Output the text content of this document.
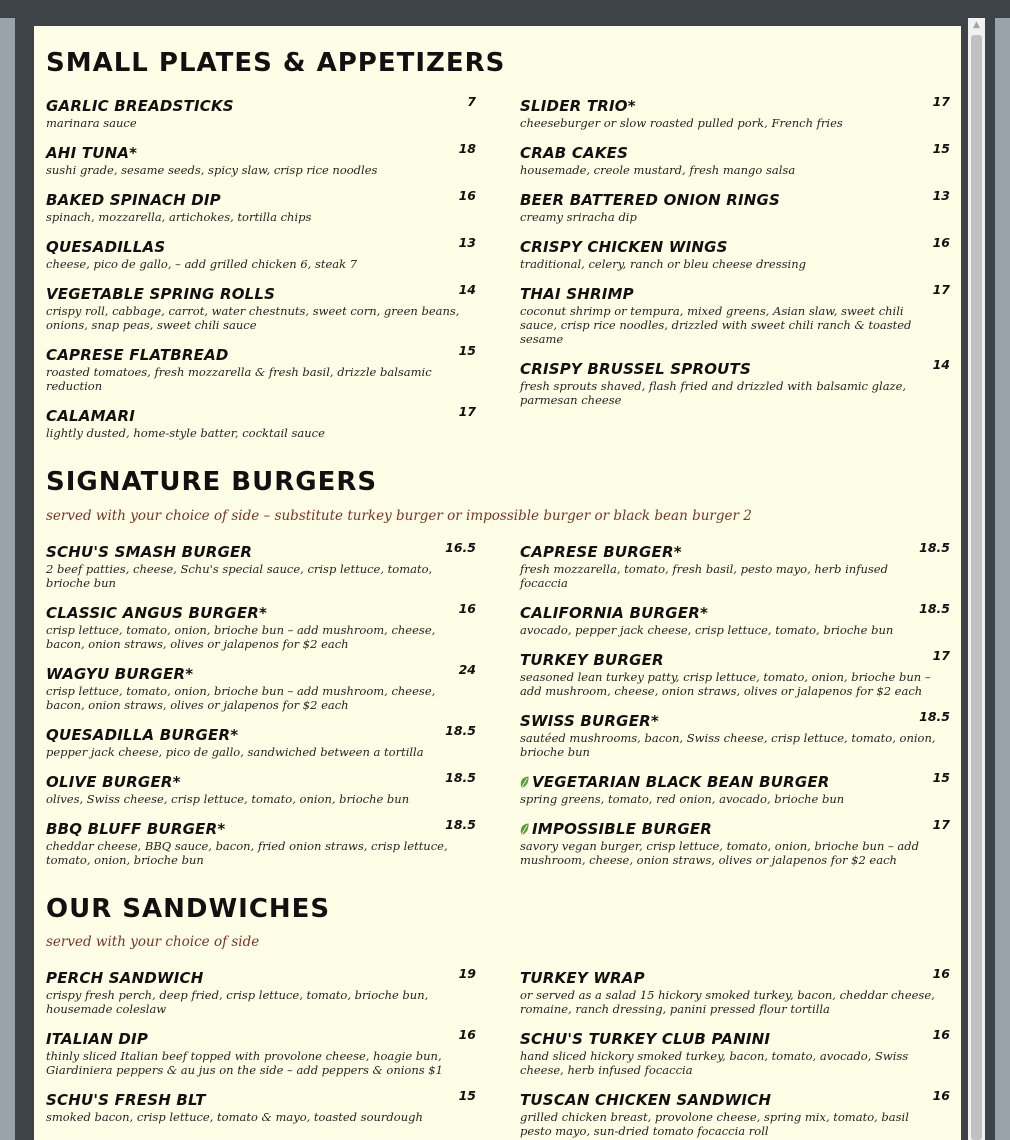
SMALL PLATES & APPETIZERS
GARLIC BREADSTICKS	7
marinara sauce
AHI TUNA*	18
sushi grade, sesame seeds, spicy slaw, crisp rice noodles
BAKED SPINACH DIP	16
spinach, mozzarella, artichokes, tortilla chips
QUESADILLAS	13
cheese, pico de gallo, – add grilled chicken 6, steak 7
VEGETABLE SPRING ROLLS	14
crispy roll, cabbage, carrot, water chestnuts, sweet corn, green beans, onions, snap peas, sweet chili sauce
CAPRESE FLATBREAD	15
roasted tomatoes, fresh mozzarella & fresh basil, drizzle balsamic reduction
CALAMARI	17
lightly dusted, home-style batter, cocktail sauce
SLIDER TRIO*	17
cheeseburger or slow roasted pulled pork, French fries
CRAB CAKES	15
housemade, creole mustard, fresh mango salsa
BEER BATTERED ONION RINGS	13
creamy sriracha dip
CRISPY CHICKEN WINGS	16
traditional, celery, ranch or bleu cheese dressing
THAI SHRIMP	17
coconut shrimp or tempura, mixed greens, Asian slaw, sweet chili sauce, crisp rice noodles, drizzled with sweet chili ranch & toasted sesame
CRISPY BRUSSEL SPROUTS	14
fresh sprouts shaved, flash fried and drizzled with balsamic glaze, parmesan cheese
SIGNATURE BURGERS

served with your choice of side – substitute turkey burger or impossible burger or black bean burger 2

SCHU'S SMASH BURGER	16.5
2 beef patties, cheese, Schu's special sauce, crisp lettuce, tomato, brioche bun
CLASSIC ANGUS BURGER*	16
crisp lettuce, tomato, onion, brioche bun – add mushroom, cheese, bacon, onion straws, olives or jalapenos for $2 each
WAGYU BURGER*	24
crisp lettuce, tomato, onion, brioche bun – add mushroom, cheese, bacon, onion straws, olives or jalapenos for $2 each
QUESADILLA BURGER*	18.5
pepper jack cheese, pico de gallo, sandwiched between a tortilla
OLIVE BURGER*	18.5
olives, Swiss cheese, crisp lettuce, tomato, onion, brioche bun
BBQ BLUFF BURGER*	18.5
cheddar cheese, BBQ sauce, bacon, fried onion straws, crisp lettuce, tomato, onion, brioche bun
CAPRESE BURGER*	18.5
fresh mozzarella, tomato, fresh basil, pesto mayo, herb infused focaccia
CALIFORNIA BURGER*	18.5
avocado, pepper jack cheese, crisp lettuce, tomato, brioche bun
TURKEY BURGER	17
seasoned lean turkey patty, crisp lettuce, tomato, onion, brioche bun – add mushroom, cheese, onion straws, olives or jalapenos for $2 each
SWISS BURGER*	18.5
sautéed mushrooms, bacon, Swiss cheese, crisp lettuce, tomato, onion, brioche bun
VEGETARIAN BLACK BEAN BURGER	15
spring greens, tomato, red onion, avocado, brioche bun
IMPOSSIBLE BURGER	17
savory vegan burger, crisp lettuce, tomato, onion, brioche bun – add mushroom, cheese, onion straws, olives or jalapenos for $2 each
OUR SANDWICHES

served with your choice of side

PERCH SANDWICH	19
crispy fresh perch, deep fried, crisp lettuce, tomato, brioche bun, housemade coleslaw
ITALIAN DIP	16
thinly sliced Italian beef topped with provolone cheese, hoagie bun, Giardiniera peppers & au jus on the side – add peppers & onions $1
SCHU'S FRESH BLT	15
smoked bacon, crisp lettuce, tomato & mayo, toasted sourdough
TURKEY WRAP	16
or served as a salad 15 hickory smoked turkey, bacon, cheddar cheese, romaine, ranch dressing, panini pressed flour tortilla
SCHU'S TURKEY CLUB PANINI	16
hand sliced hickory smoked turkey, bacon, tomato, avocado, Swiss cheese, herb infused focaccia
TUSCAN CHICKEN SANDWICH	16
grilled chicken breast, provolone cheese, spring mix, tomato, basil pesto mayo, sun-dried tomato focaccia roll
▲
